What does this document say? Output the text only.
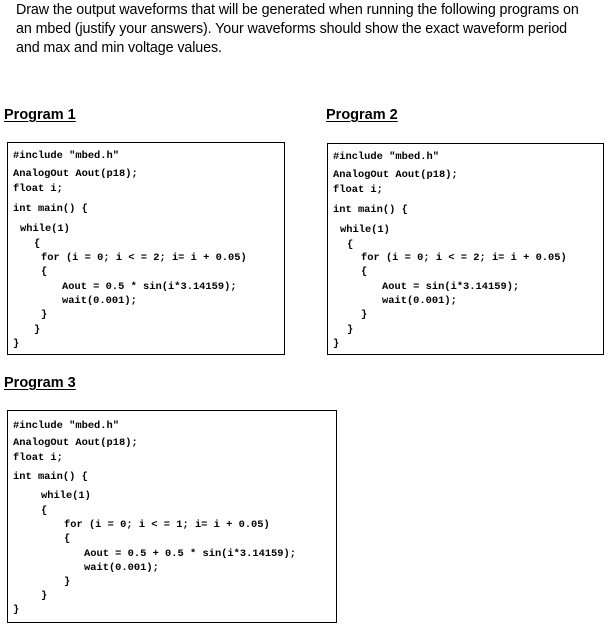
Draw the output waveforms that will be generated when running the following programs on
an mbed (justify your answers). Your waveforms should show the exact waveform period
and max and min voltage values.
Program 1
#include "mbed.h"
AnalogOut Aout(p18);
float i;
int main() {
while(1)
{
for (i = 0; i < = 2; i= i + 0.05)
{
Aout = 0.5 * sin(i*3.14159);
wait(0.001);
}
}
}
Program 2
#include "mbed.h"
AnalogOut Aout(p18);
float i;
int main() {
while(1)
{
for (i = 0; i < = 2; i= i + 0.05)
{
Aout = sin(i*3.14159);
wait(0.001);
}
}
}
Program 3
#include "mbed.h"
AnalogOut Aout(p18);
float i;
int main() {
while(1)
{
for (i = 0; i < = 1; i= i + 0.05)
{
Aout = 0.5 + 0.5 * sin(i*3.14159);
wait(0.001);
}
}
}
